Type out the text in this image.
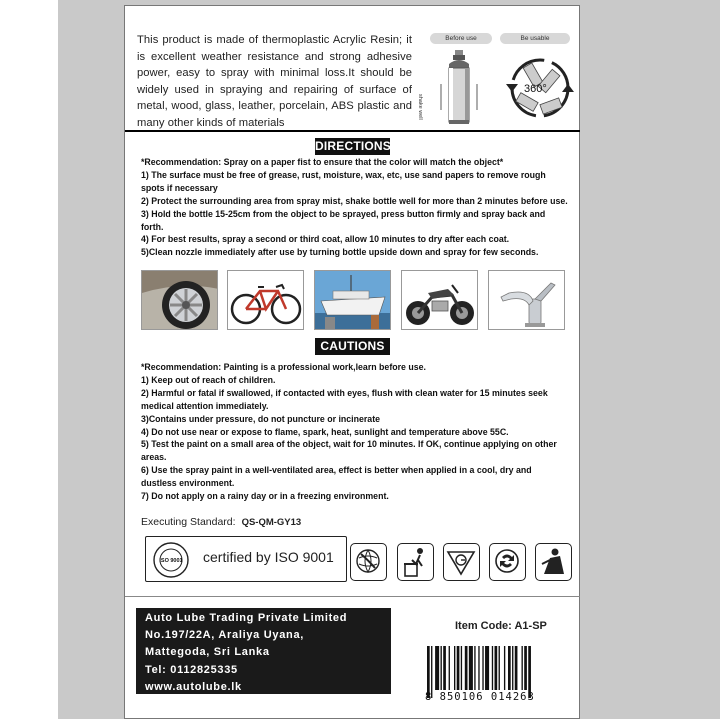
This product is made of thermoplastic Acrylic Resin; it is excellent weather resistance and strong adhesive power, easy to spray with minimal loss.It should be widely used in spraying and repairing of surface of metal, wood, glass, leather, porcelain, ABS plastic and many other kinds of materials
Before use	Be usable
shake well
360°
DIRECTIONS

*Recommendation: Spray on a paper fist to ensure that the color will match the object*

1) The surface must be free of grease, rust, moisture, wax, etc, use sand papers to remove rough spots if necessary

2) Protect the surrounding area from spray mist, shake bottle well for more than 2 minutes before use.

3) Hold the bottle 15-25cm from the object to be sprayed, press button firmly and spray back and forth.

4) For best results, spray a second or third coat, allow 10 minutes to dry after each coat.

5)Clean nozzle immediately after use by turning bottle upside down and spray for few seconds.

CAUTIONS

*Recommendation: Painting is a professional work,learn before use.

1) Keep out of reach of children.

2) Harmful or fatal if swallowed, if contacted with eyes, flush with clean water for 15 minutes seek medical attention immediately.

3)Contains under pressure, do not puncture or incinerate

4) Do not use near or expose to flame, spark, heat, sunlight and temperature above 55C.

5) Test the paint on a small area of the object, wait for 10 minutes. If OK, continue applying on other areas.

6) Use the spray paint in a well-ventilated area, effect is better when applied in a cool, dry and dustless environment.

7) Do not apply on a rainy day or in a freezing environment.

Executing Standard: QS-QM-GY13
ISO 9001 certified by ISO 9001

Auto Lube Trading Private Limited

No.197/22A, Araliya Uyana,

Mattegoda, Sri Lanka

Tel: 0112825335

www.autolube.lk

Item Code: A1-SP
8 850106 014263
